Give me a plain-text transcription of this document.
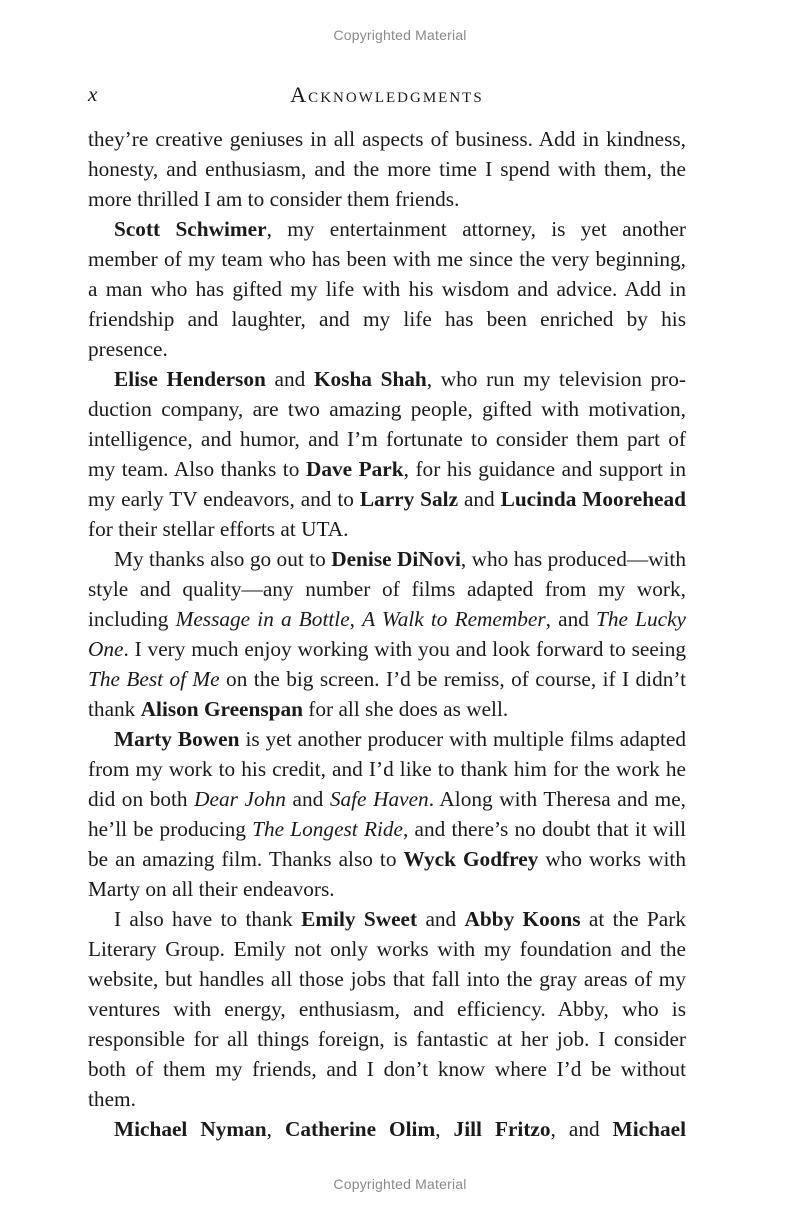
Copyrighted Material
x	Acknowledgments

they’re creative geniuses in all aspects of business. Add in kindness, honesty, and enthusiasm, and the more time I spend with them, the more thrilled I am to consider them friends.

Scott Schwimer, my entertainment attorney, is yet another member of my team who has been with me since the very beginning, a man who has gifted my life with his wisdom and advice. Add in friendship and laughter, and my life has been enriched by his presence.

Elise Henderson and Kosha Shah, who run my television production company, are two amazing people, gifted with motivation, intelligence, and humor, and I’m fortunate to consider them part of my team. Also thanks to Dave Park, for his guidance and support in my early TV endeavors, and to Larry Salz and Lucinda Moorehead for their stellar efforts at UTA.

My thanks also go out to Denise DiNovi, who has produced—with style and quality—any number of films adapted from my work, including Message in a Bottle, A Walk to Remember, and The Lucky One. I very much enjoy working with you and look forward to seeing The Best of Me on the big screen. I’d be remiss, of course, if I didn’t thank Alison Greenspan for all she does as well.

Marty Bowen is yet another producer with multiple films adapted from my work to his credit, and I’d like to thank him for the work he did on both Dear John and Safe Haven. Along with Theresa and me, he’ll be producing The Longest Ride, and there’s no doubt that it will be an amazing film. Thanks also to Wyck Godfrey who works with Marty on all their endeavors.

I also have to thank Emily Sweet and Abby Koons at the Park Literary Group. Emily not only works with my foundation and the website, but handles all those jobs that fall into the gray areas of my ventures with energy, enthusiasm, and efficiency. Abby, who is responsible for all things foreign, is fantastic at her job. I consider both of them my friends, and I don’t know where I’d be without them.

Michael Nyman, Catherine Olim, Jill Fritzo, and Michael

Copyrighted Material
